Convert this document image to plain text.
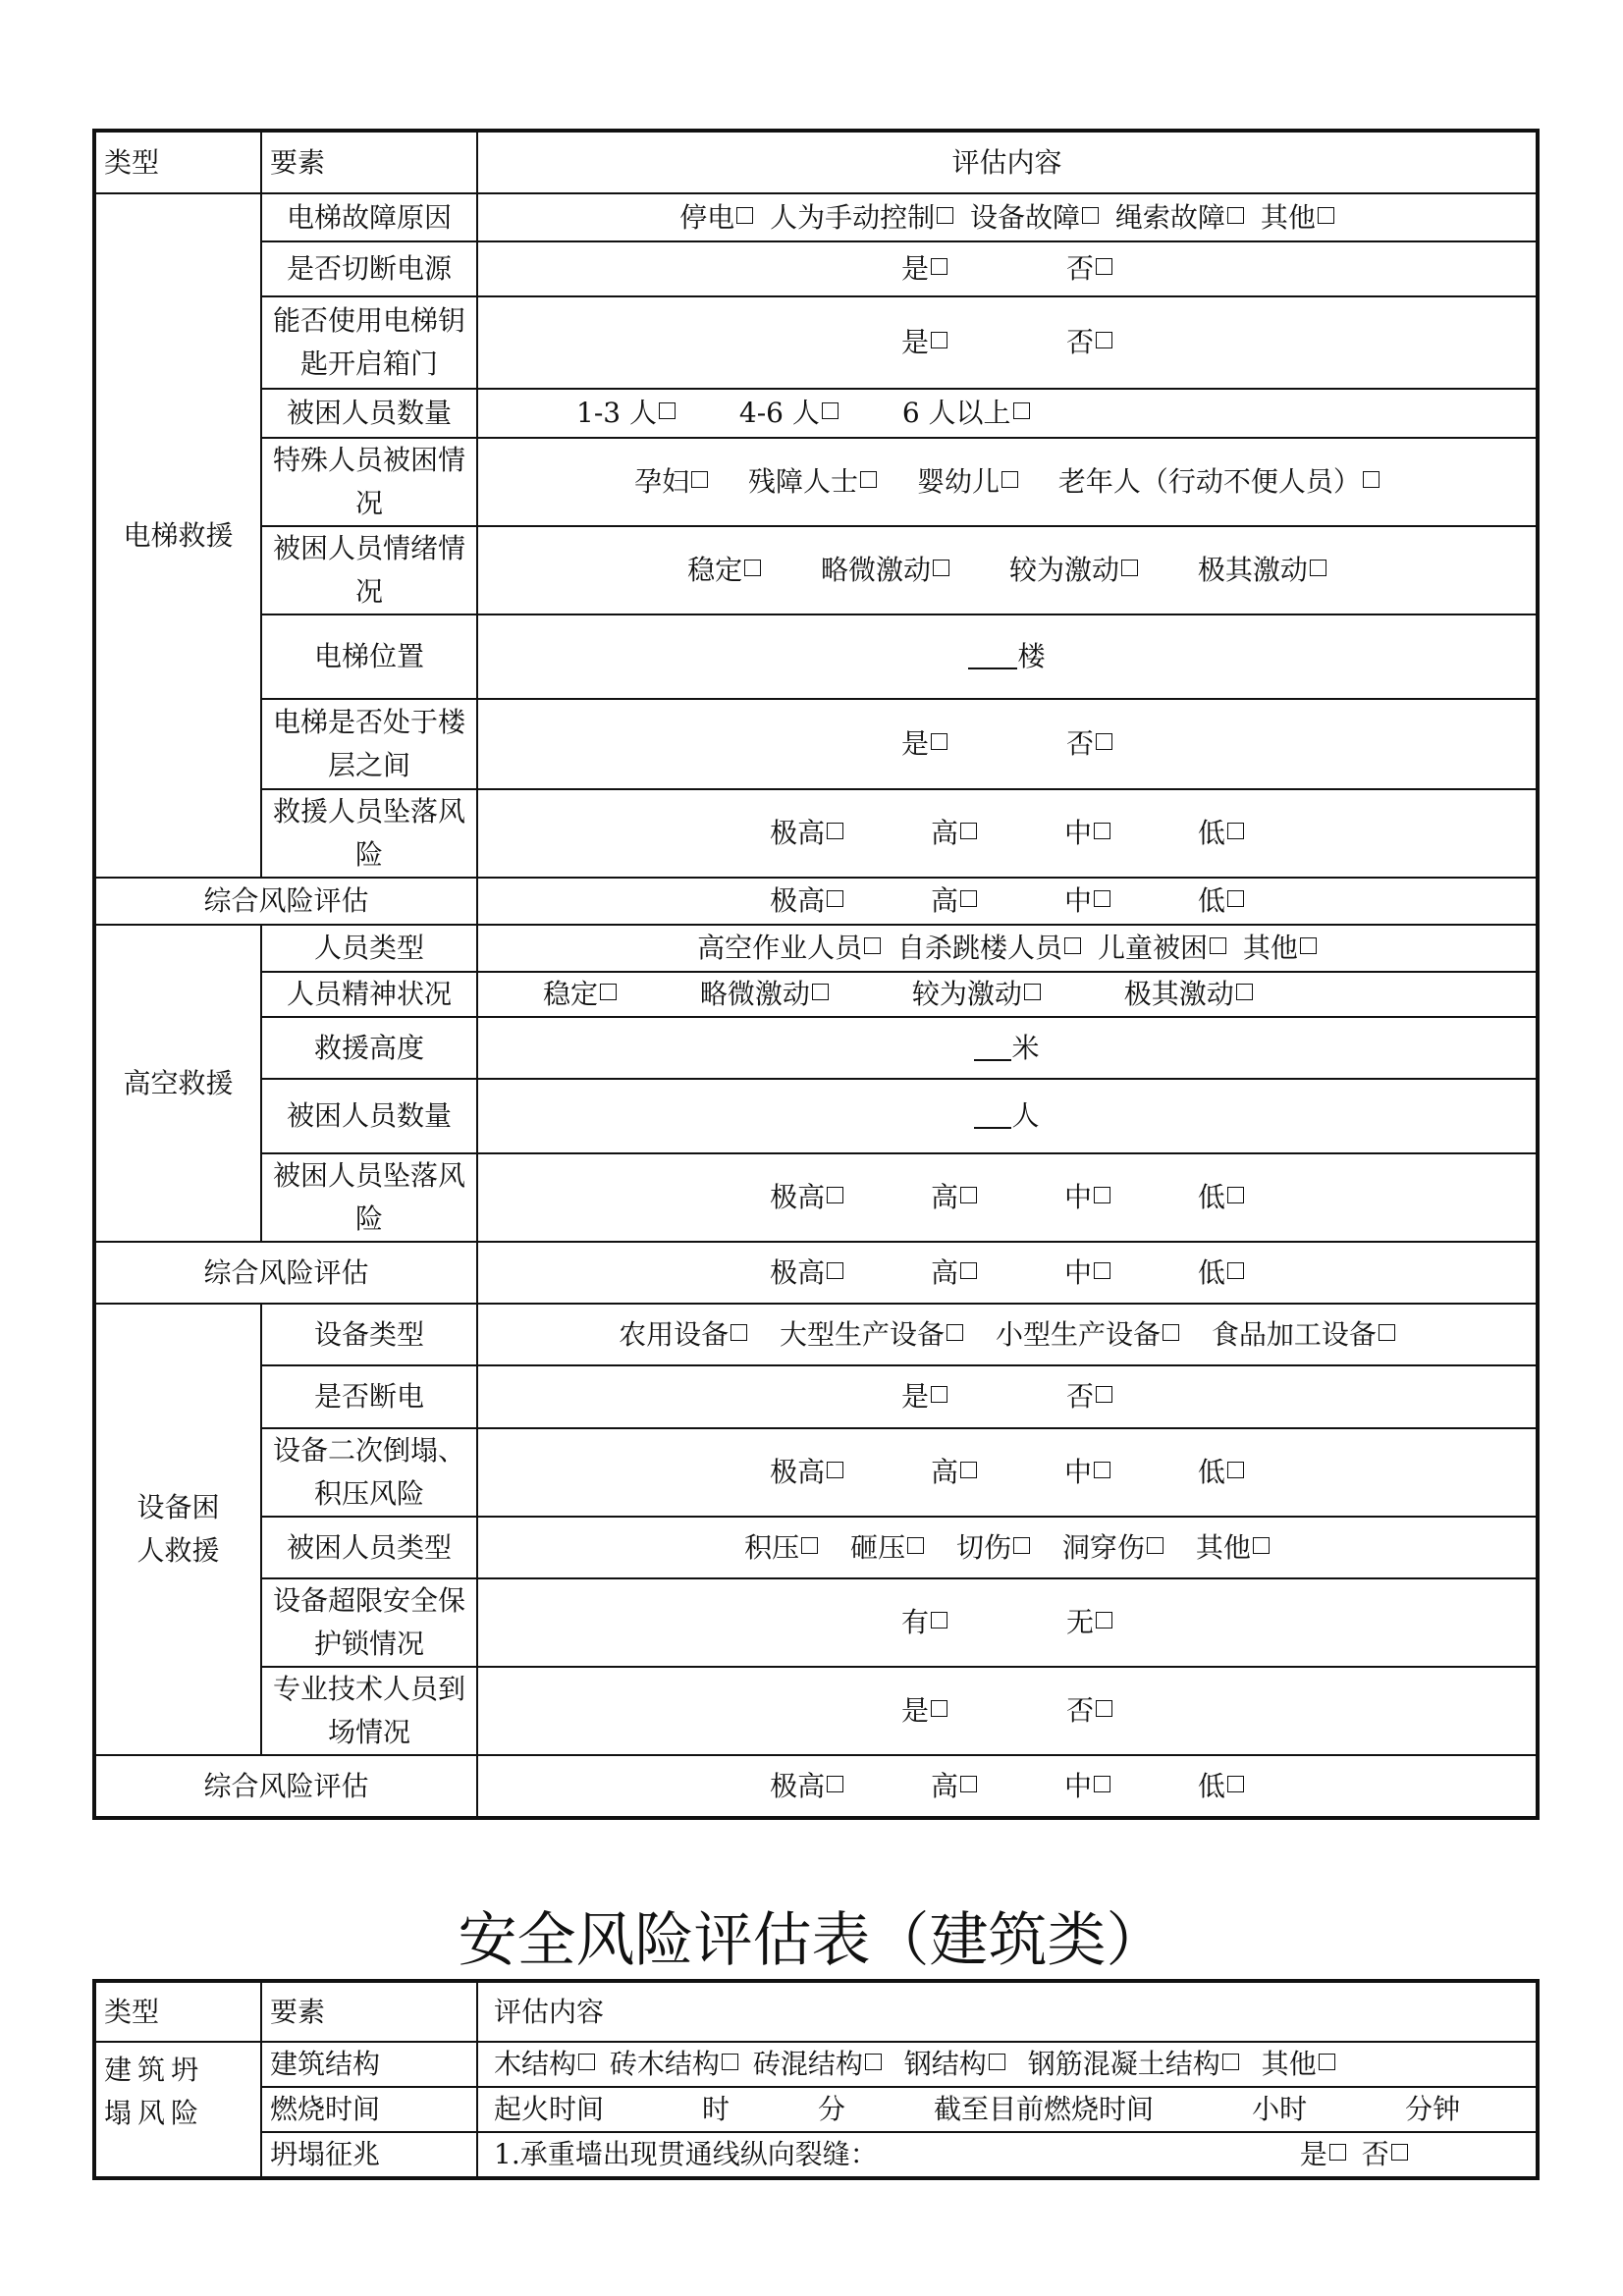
类型	要素	评估内容
电梯救援	电梯故障原因	停电 人为手动控制 设备故障 绳索故障 其他
	是否切断电源	是 否
	能否使用电梯钥匙开启箱门	是 否
	被困人员数量	1-3 人 4-6 人 6 人以上
	特殊人员被困情况	孕妇 残障人士 婴幼儿 老年人（行动不便人员）
	被困人员情绪情况	稳定 略微激动 较为激动 极其激动
	电梯位置	楼
	电梯是否处于楼层之间	是 否
	救援人员坠落风险	极高 高 中 低
综合风险评估		极高 高 中 低
高空救援	人员类型	高空作业人员 自杀跳楼人员 儿童被困 其他
	人员精神状况	稳定 略微激动 较为激动 极其激动
	救援高度	米
	被困人员数量	人
	被困人员坠落风险	极高 高 中 低
综合风险评估		极高 高 中 低
设备困人救援	设备类型	农用设备 大型生产设备 小型生产设备 食品加工设备
	是否断电	是 否
	设备二次倒塌、积压风险	极高 高 中 低
	被困人员类型	积压 砸压 切伤 洞穿伤 其他
	设备超限安全保护锁情况	有 无
	专业技术人员到场情况	是 否
综合风险评估		极高 高 中 低
安全风险评估表（建筑类）
类型	要素	评估内容
建筑坍塌风险	建筑结构	木结构 砖木结构 砖混结构 钢结构 钢筋混凝土结构 其他
	燃烧时间	起火时间 时 分 截至目前燃烧时间 小时 分钟
	坍塌征兆	1.承重墙出现贯通线纵向裂缝： 是 否
